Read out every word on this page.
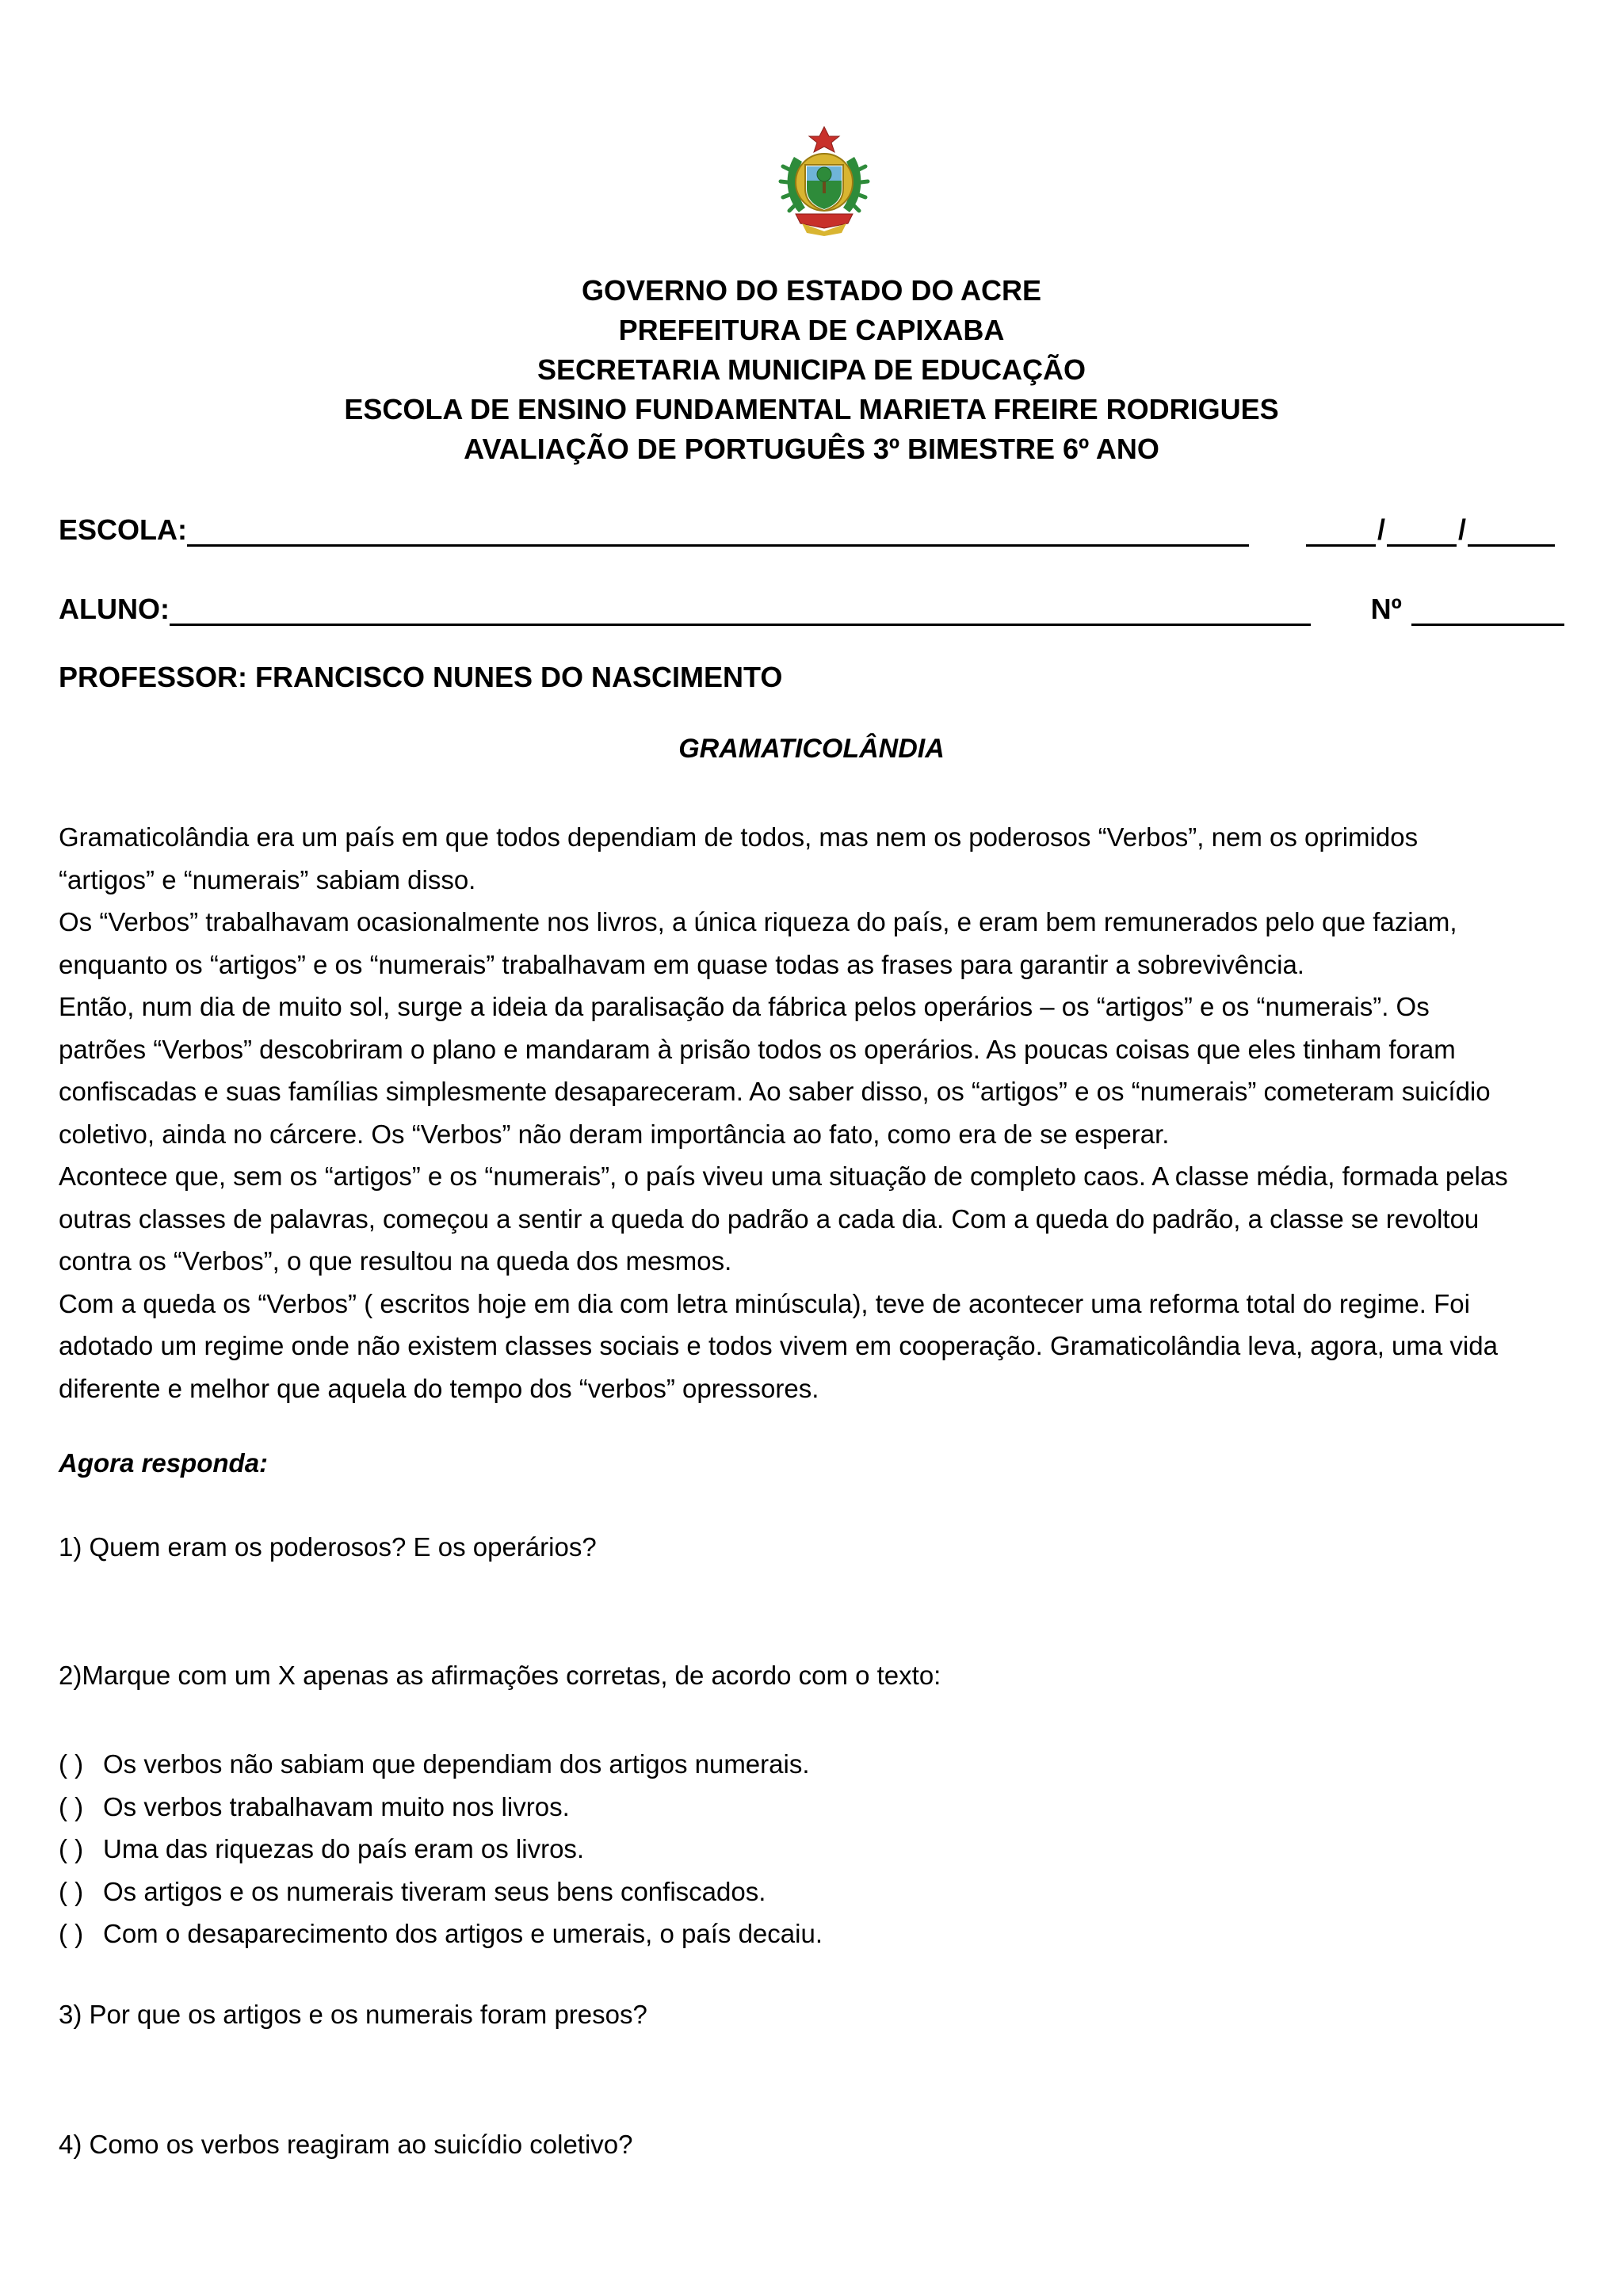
GOVERNO DO ESTADO DO ACRE
PREFEITURA DE CAPIXABA
SECRETARIA MUNICIPA DE EDUCAÇÃO
ESCOLA DE ENSINO FUNDAMENTAL MARIETA FREIRE RODRIGUES
AVALIAÇÃO DE PORTUGUÊS 3º BIMESTRE 6º ANO
ESCOLA:	/	/
ALUNO:	Nº
PROFESSOR: FRANCISCO NUNES DO NASCIMENTO
GRAMATICOLÂNDIA

Gramaticolândia era um país em que todos dependiam de todos, mas nem os poderosos “Verbos”, nem os oprimidos

“artigos” e “numerais” sabiam disso.

Os “Verbos” trabalhavam ocasionalmente nos livros, a única riqueza do país, e eram bem remunerados pelo que faziam,

enquanto os “artigos” e os “numerais” trabalhavam em quase todas as frases para garantir a sobrevivência.

Então, num dia de muito sol, surge a ideia da paralisação da fábrica pelos operários – os “artigos” e os “numerais”. Os

patrões “Verbos” descobriram o plano e mandaram à prisão todos os operários. As poucas coisas que eles tinham foram

confiscadas e suas famílias simplesmente desapareceram. Ao saber disso, os “artigos” e os “numerais” cometeram suicídio

coletivo, ainda no cárcere. Os “Verbos” não deram importância ao fato, como era de se esperar.

Acontece que, sem os “artigos” e os “numerais”, o país viveu uma situação de completo caos. A classe média, formada pelas

outras classes de palavras, começou a sentir a queda do padrão a cada dia. Com a queda do padrão, a classe se revoltou

contra os “Verbos”, o que resultou na queda dos mesmos.

Com a queda os “Verbos” ( escritos hoje em dia com letra minúscula), teve de acontecer uma reforma total do regime. Foi

adotado um regime onde não existem classes sociais e todos vivem em cooperação. Gramaticolândia leva, agora, uma vida

diferente e melhor que aquela do tempo dos “verbos” opressores.

Agora responda:
1) Quem eram os poderosos? E os operários?
2)Marque com um X apenas as afirmações corretas, de acordo com o texto:
( ) Os verbos não sabiam que dependiam dos artigos numerais.
( ) Os verbos trabalhavam muito nos livros.
( ) Uma das riquezas do país eram os livros.
( ) Os artigos e os numerais tiveram seus bens confiscados.
( ) Com o desaparecimento dos artigos e umerais, o país decaiu.
3) Por que os artigos e os numerais foram presos?
4) Como os verbos reagiram ao suicídio coletivo?
